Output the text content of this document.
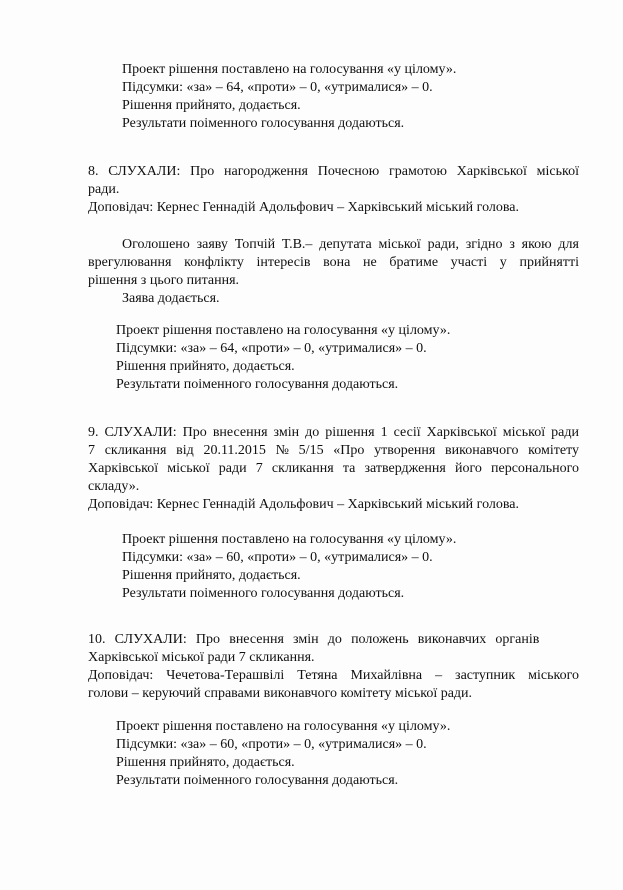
Проект рішення поставлено на голосування «у цілому».
Підсумки: «за» – 64, «проти» – 0, «утрималися» – 0.
Рішення прийнято, додається.
Результати поіменного голосування додаються.
8. СЛУХАЛИ: Про нагородження Почесною грамотою Харківської міської
ради.
Доповідач: Кернес Геннадій Адольфович – Харківський міський голова.
Оголошено заяву Топчій Т.В.– депутата міської ради, згідно з якою для
врегулювання конфлікту інтересів вона не братиме участі у прийнятті
рішення з цього питання.
Заява додається.
Проект рішення поставлено на голосування «у цілому».
Підсумки: «за» – 64, «проти» – 0, «утрималися» – 0.
Рішення прийнято, додається.
Результати поіменного голосування додаються.
9. СЛУХАЛИ: Про внесення змін до рішення 1 сесії Харківської міської ради
7 скликання від 20.11.2015 № 5/15 «Про утворення виконавчого комітету
Харківської міської ради 7 скликання та затвердження його персонального
складу».
Доповідач: Кернес Геннадій Адольфович – Харківський міський голова.
Проект рішення поставлено на голосування «у цілому».
Підсумки: «за» – 60, «проти» – 0, «утрималися» – 0.
Рішення прийнято, додається.
Результати поіменного голосування додаються.
10. СЛУХАЛИ: Про внесення змін до положень виконавчих органів
Харківської міської ради 7 скликання.
Доповідач: Чечетова-Терашвілі Тетяна Михайлівна – заступник міського
голови – керуючий справами виконавчого комітету міської ради.
Проект рішення поставлено на голосування «у цілому».
Підсумки: «за» – 60, «проти» – 0, «утрималися» – 0.
Рішення прийнято, додається.
Результати поіменного голосування додаються.
